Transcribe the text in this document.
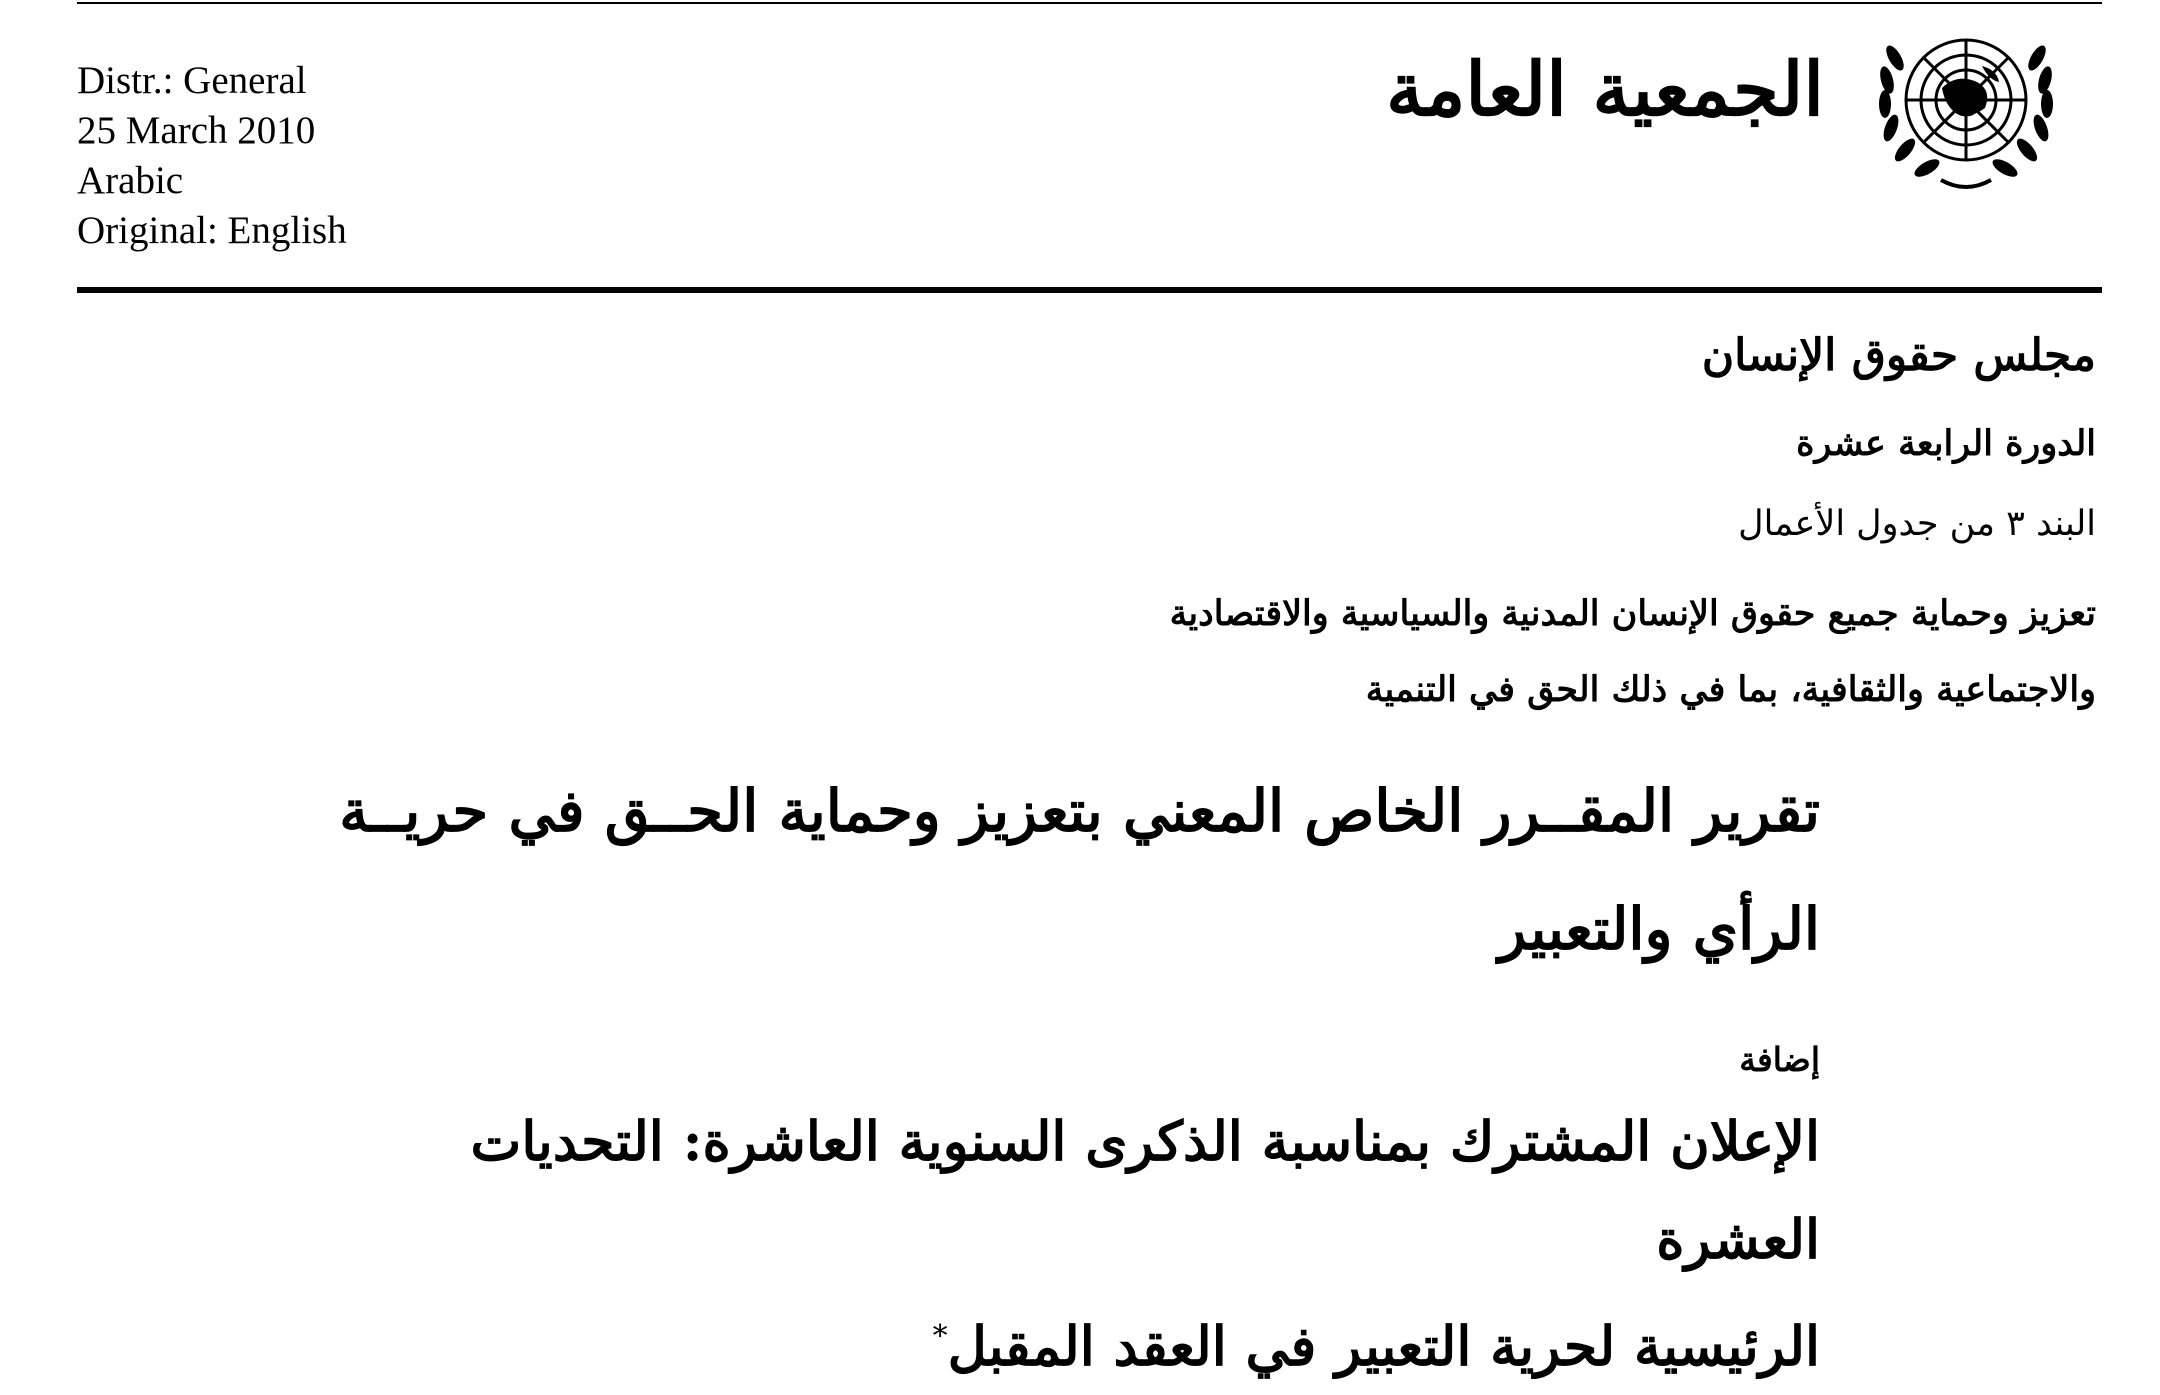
Distr.: General
25 March 2010
Arabic
Original: English
الجمعية العامة
مجلس حقوق الإنسان
الدورة الرابعة عشرة
البند ٣ من جدول الأعمال
تعزيز وحماية جميع حقوق الإنسان المدنية والسياسية والاقتصادية
والاجتماعية والثقافية، بما في ذلك الحق في التنمية
تقرير المقــرر الخاص المعني بتعزيز وحماية الحــق في حريــة
الرأي والتعبير
إضافة
الإعلان المشترك بمناسبة الذكرى السنوية العاشرة: التحديات العشرة
الرئيسية لحرية التعبير في العقد المقبل*
